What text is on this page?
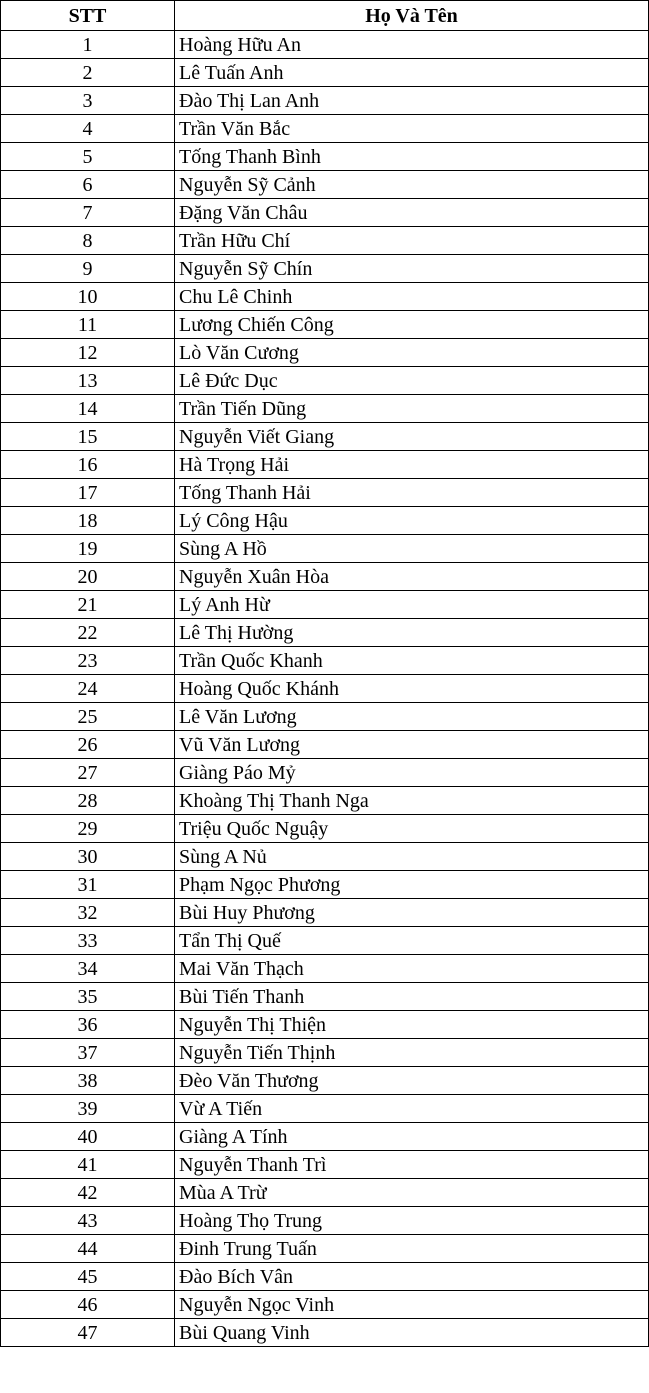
STT	Họ Và Tên
1	Hoàng Hữu An
2	Lê Tuấn Anh
3	Đào Thị Lan Anh
4	Trần Văn Bắc
5	Tống Thanh Bình
6	Nguyễn Sỹ Cảnh
7	Đặng Văn Châu
8	Trần Hữu Chí
9	Nguyễn Sỹ Chín
10	Chu Lê Chinh
11	Lương Chiến Công
12	Lò Văn Cương
13	Lê Đức Dục
14	Trần Tiến Dũng
15	Nguyễn Viết Giang
16	Hà Trọng Hải
17	Tống Thanh Hải
18	Lý Công Hậu
19	Sùng A Hồ
20	Nguyễn Xuân Hòa
21	Lý Anh Hừ
22	Lê Thị Hường
23	Trần Quốc Khanh
24	Hoàng Quốc Khánh
25	Lê Văn Lương
26	Vũ Văn Lương
27	Giàng Páo Mỷ
28	Khoàng Thị Thanh Nga
29	Triệu Quốc Nguậy
30	Sùng A Nủ
31	Phạm Ngọc Phương
32	Bùi Huy Phương
33	Tẩn Thị Quế
34	Mai Văn Thạch
35	Bùi Tiến Thanh
36	Nguyễn Thị Thiện
37	Nguyễn Tiến Thịnh
38	Đèo Văn Thương
39	Vừ A Tiến
40	Giàng A Tính
41	Nguyễn Thanh Trì
42	Mùa A Trừ
43	Hoàng Thọ Trung
44	Đinh Trung Tuấn
45	Đào Bích Vân
46	Nguyễn Ngọc Vinh
47	Bùi Quang Vinh
